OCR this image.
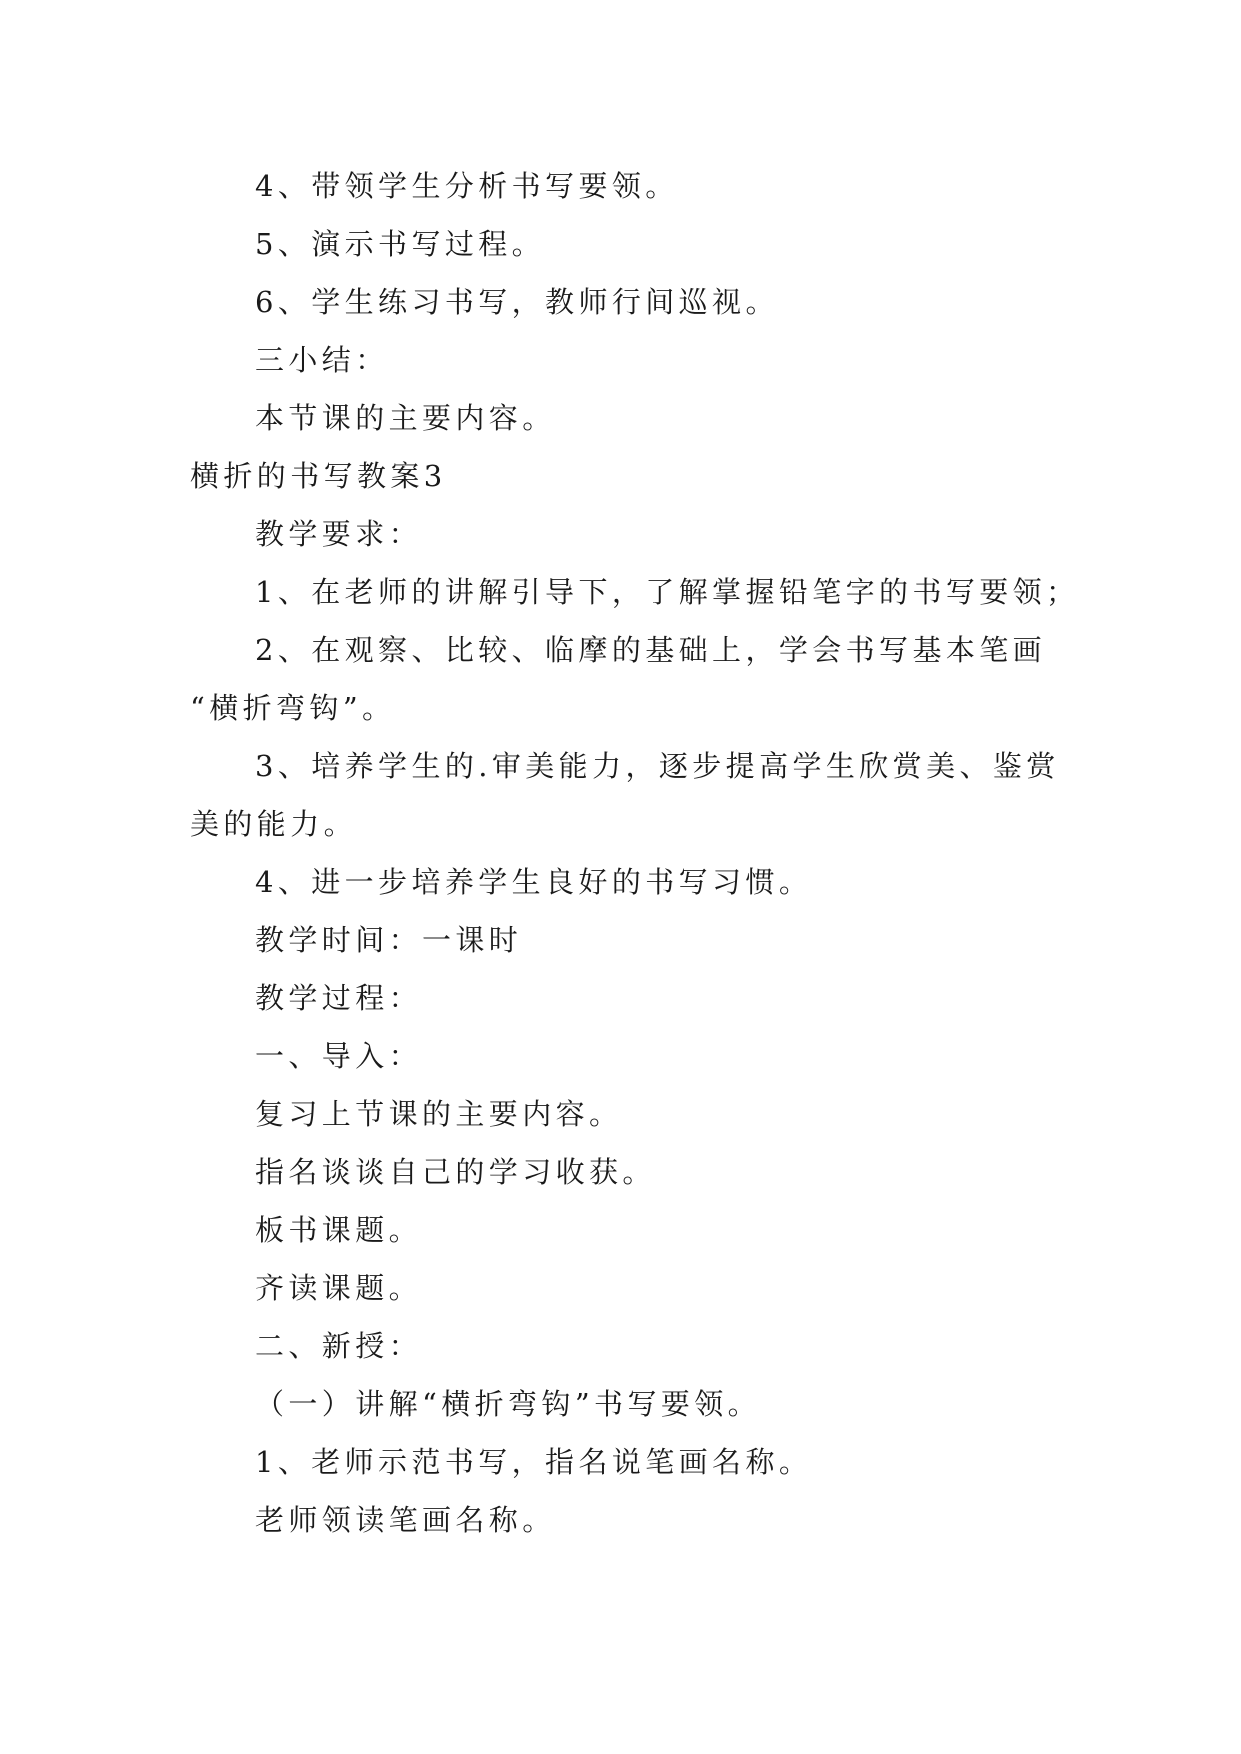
4、带领学生分析书写要领。
5、演示书写过程。
6、学生练习书写，教师行间巡视。
三小结：
本节课的主要内容。
横折的书写教案3
教学要求：
1、在老师的讲解引导下，了解掌握铅笔字的书写要领；
2、在观察、比较、临摩的基础上，学会书写基本笔画
“横折弯钩”。
3、培养学生的.审美能力，逐步提高学生欣赏美、鉴赏
美的能力。
4、进一步培养学生良好的书写习惯。
教学时间：一课时
教学过程：
一、导入：
复习上节课的主要内容。
指名谈谈自己的学习收获。
板书课题。
齐读课题。
二、新授：
（一）讲解“横折弯钩”书写要领。
1、老师示范书写，指名说笔画名称。
老师领读笔画名称。
